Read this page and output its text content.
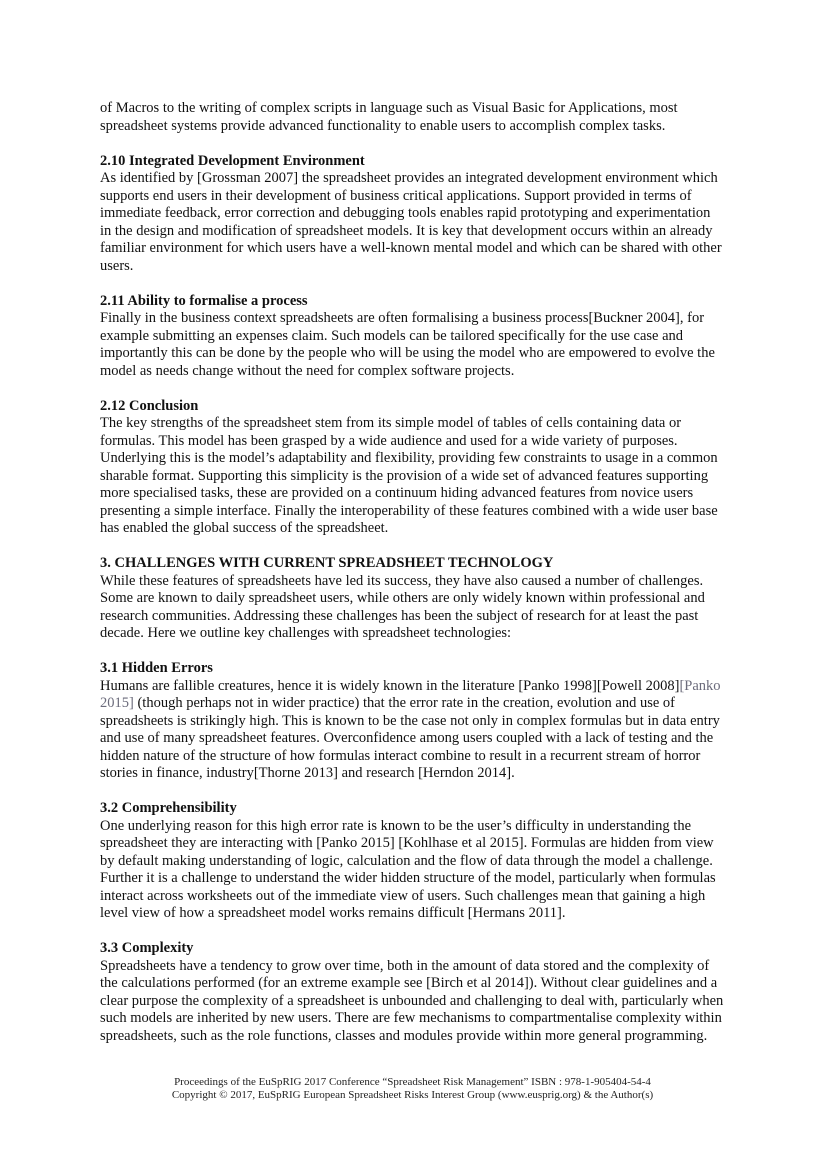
of Macros to the writing of complex scripts in language such as Visual Basic for Applications, most spreadsheet systems provide advanced functionality to enable users to accomplish complex tasks.

2.10 Integrated Development Environment

As identified by [Grossman 2007] the spreadsheet provides an integrated development environment which supports end users in their development of business critical applications. Support provided in terms of immediate feedback, error correction and debugging tools enables rapid prototyping and experimentation in the design and modification of spreadsheet models. It is key that development occurs within an already familiar environment for which users have a well-known mental model and which can be shared with other users.

2.11 Ability to formalise a process

Finally in the business context spreadsheets are often formalising a business process[Buckner 2004], for example submitting an expenses claim. Such models can be tailored specifically for the use case and importantly this can be done by the people who will be using the model who are empowered to evolve the model as needs change without the need for complex software projects.

2.12 Conclusion

The key strengths of the spreadsheet stem from its simple model of tables of cells containing data or formulas. This model has been grasped by a wide audience and used for a wide variety of purposes. Underlying this is the model’s adaptability and flexibility, providing few constraints to usage in a common sharable format. Supporting this simplicity is the provision of a wide set of advanced features supporting more specialised tasks, these are provided on a continuum hiding advanced features from novice users presenting a simple interface. Finally the interoperability of these features combined with a wide user base has enabled the global success of the spreadsheet.

3. CHALLENGES WITH CURRENT SPREADSHEET TECHNOLOGY

While these features of spreadsheets have led its success, they have also caused a number of challenges. Some are known to daily spreadsheet users, while others are only widely known within professional and research communities. Addressing these challenges has been the subject of research for at least the past decade. Here we outline key challenges with spreadsheet technologies:

3.1 Hidden Errors

Humans are fallible creatures, hence it is widely known in the literature [Panko 1998][Powell 2008][Panko 2015] (though perhaps not in wider practice) that the error rate in the creation, evolution and use of spreadsheets is strikingly high. This is known to be the case not only in complex formulas but in data entry and use of many spreadsheet features. Overconfidence among users coupled with a lack of testing and the hidden nature of the structure of how formulas interact combine to result in a recurrent stream of horror stories in finance, industry[Thorne 2013] and research [Herndon 2014].

3.2 Comprehensibility

One underlying reason for this high error rate is known to be the user’s difficulty in understanding the spreadsheet they are interacting with [Panko 2015] [Kohlhase et al 2015]. Formulas are hidden from view by default making understanding of logic, calculation and the flow of data through the model a challenge. Further it is a challenge to understand the wider hidden structure of the model, particularly when formulas interact across worksheets out of the immediate view of users. Such challenges mean that gaining a high level view of how a spreadsheet model works remains difficult [Hermans 2011].

3.3 Complexity

Spreadsheets have a tendency to grow over time, both in the amount of data stored and the complexity of the calculations performed (for an extreme example see [Birch et al 2014]). Without clear guidelines and a clear purpose the complexity of a spreadsheet is unbounded and challenging to deal with, particularly when such models are inherited by new users. There are few mechanisms to compartmentalise complexity within spreadsheets, such as the role functions, classes and modules provide within more general programming.

Proceedings of the EuSpRIG 2017 Conference “Spreadsheet Risk Management” ISBN : 978-1-905404-54-4
Copyright © 2017, EuSpRIG European Spreadsheet Risks Interest Group (www.eusprig.org) & the Author(s)
